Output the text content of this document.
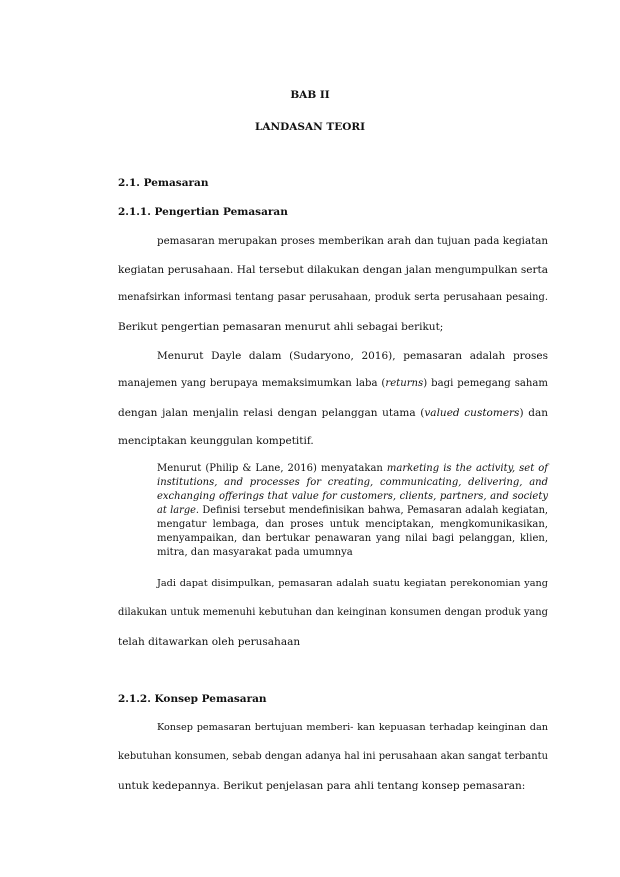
BAB II
LANDASAN TEORI
2.1. Pemasaran
2.1.1. Pengertian Pemasaran
pemasaran merupakan proses memberikan arah dan tujuan pada kegiatan
kegiatan perusahaan. Hal tersebut dilakukan dengan jalan mengumpulkan serta
menafsirkan informasi tentang pasar perusahaan, produk serta perusahaan pesaing.
Berikut pengertian pemasaran menurut ahli sebagai berikut;
Menurut Dayle dalam (Sudaryono, 2016), pemasaran adalah proses
manajemen yang berupaya memaksimumkan laba (returns) bagi pemegang saham
dengan jalan menjalin relasi dengan pelanggan utama (valued customers) dan
menciptakan keunggulan kompetitif.
Menurut (Philip & Lane, 2016) menyatakan marketing is the activity, set of
institutions, and processes for creating, communicating, delivering, and
exchanging offerings that value for customers, clients, partners, and society
at large. Definisi tersebut mendefinisikan bahwa, Pemasaran adalah kegiatan,
mengatur lembaga, dan proses untuk menciptakan, mengkomunikasikan,
menyampaikan, dan bertukar penawaran yang nilai bagi pelanggan, klien,
mitra, dan masyarakat pada umumnya
Jadi dapat disimpulkan, pemasaran adalah suatu kegiatan perekonomian yang
dilakukan untuk memenuhi kebutuhan dan keinginan konsumen dengan produk yang
telah ditawarkan oleh perusahaan
2.1.2. Konsep Pemasaran
Konsep pemasaran bertujuan memberi- kan kepuasan terhadap keinginan dan
kebutuhan konsumen, sebab dengan adanya hal ini perusahaan akan sangat terbantu
untuk kedepannya. Berikut penjelasan para ahli tentang konsep pemasaran:
